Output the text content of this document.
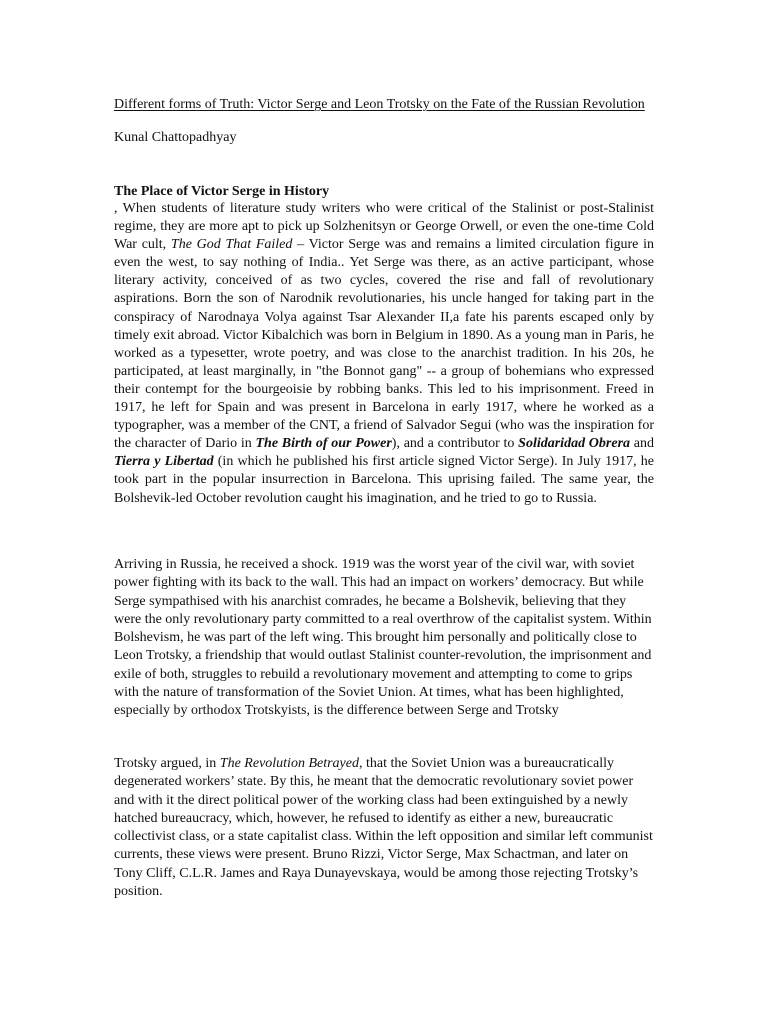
Different forms of Truth: Victor Serge and Leon Trotsky on the Fate of the Russian Revolution
Kunal Chattopadhyay
The Place of Victor Serge in History
, When students of literature study writers who were critical of the Stalinist or post-Stalinist regime, they are more apt to pick up Solzhenitsyn or George Orwell, or even the one-time Cold War cult, The God That Failed – Victor Serge was and remains a limited circulation figure in even the west, to say nothing of India.. Yet Serge was there, as an active participant, whose literary activity, conceived of as two cycles, covered the rise and fall of revolutionary aspirations. Born the son of Narodnik revolutionaries, his uncle hanged for taking part in the conspiracy of Narodnaya Volya against Tsar Alexander II,a fate his parents escaped only by timely exit abroad. Victor Kibalchich was born in Belgium in 1890. As a young man in Paris, he worked as a typesetter, wrote poetry, and was close to the anarchist tradition. In his 20s, he participated, at least marginally, in "the Bonnot gang" -- a group of bohemians who expressed their contempt for the bourgeoisie by robbing banks. This led to his imprisonment. Freed in 1917, he left for Spain and was present in Barcelona in early 1917, where he worked as a typographer, was a member of the CNT, a friend of Salvador Segui (who was the inspiration for the character of Dario in The Birth of our Power), and a contributor to Solidaridad Obrera and Tierra y Libertad (in which he published his first article signed Victor Serge). In July 1917, he took part in the popular insurrection in Barcelona. This uprising failed. The same year, the Bolshevik-led October revolution caught his imagination, and he tried to go to Russia.
Arriving in Russia, he received a shock. 1919 was the worst year of the civil war, with soviet power fighting with its back to the wall. This had an impact on workers’ democracy. But while Serge sympathised with his anarchist comrades, he became a Bolshevik, believing that they were the only revolutionary party committed to a real overthrow of the capitalist system. Within Bolshevism, he was part of the left wing. This brought him personally and politically close to Leon Trotsky, a friendship that would outlast Stalinist counter-revolution, the imprisonment and exile of both, struggles to rebuild a revolutionary movement and attempting to come to grips with the nature of transformation of the Soviet Union. At times, what has been highlighted, especially by orthodox Trotskyists, is the difference between Serge and Trotsky
Trotsky argued, in The Revolution Betrayed, that the Soviet Union was a bureaucratically degenerated workers’ state. By this, he meant that the democratic revolutionary soviet power and with it the direct political power of the working class had been extinguished by a newly hatched bureaucracy, which, however, he refused to identify as either a new, bureaucratic collectivist class, or a state capitalist class. Within the left opposition and similar left communist currents, these views were present. Bruno Rizzi, Victor Serge, Max Schactman, and later on Tony Cliff, C.L.R. James and Raya Dunayevskaya, would be among those rejecting Trotsky’s position.
